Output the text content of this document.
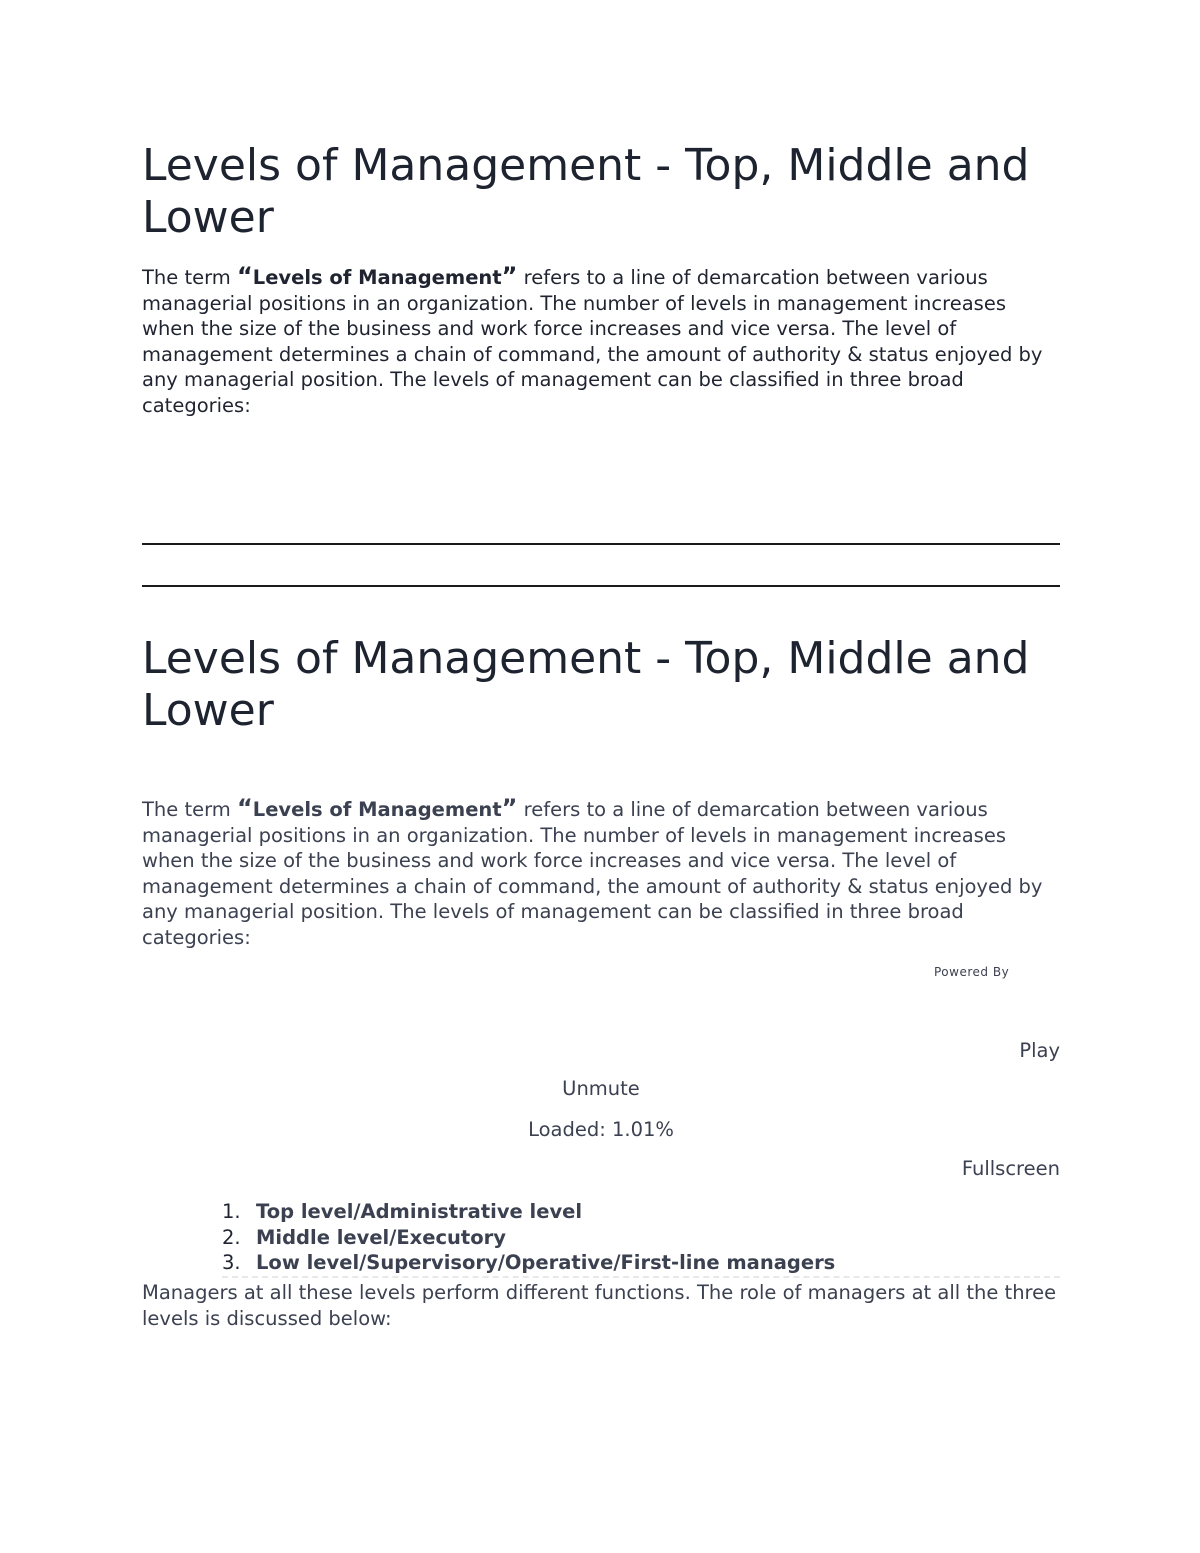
Levels of Management - Top, Middle and Lower

The term “Levels of Management” refers to a line of demarcation between various managerial positions in an organization. The number of levels in management increases when the size of the business and work force increases and vice versa. The level of management determines a chain of command, the amount of authority & status enjoyed by any managerial position. The levels of management can be classified in three broad categories:

Levels of Management - Top, Middle and Lower

The term “Levels of Management” refers to a line of demarcation between various managerial positions in an organization. The number of levels in management increases when the size of the business and work force increases and vice versa. The level of management determines a chain of command, the amount of authority & status enjoyed by any managerial position. The levels of management can be classified in three broad categories:

Powered By
Play
Unmute
Loaded: 1.01%
Fullscreen
1. Top level/Administrative level
2. Middle level/Executory
3. Low level/Supervisory/Operative/First-line managers

Managers at all these levels perform different functions. The role of managers at all the three levels is discussed below:
